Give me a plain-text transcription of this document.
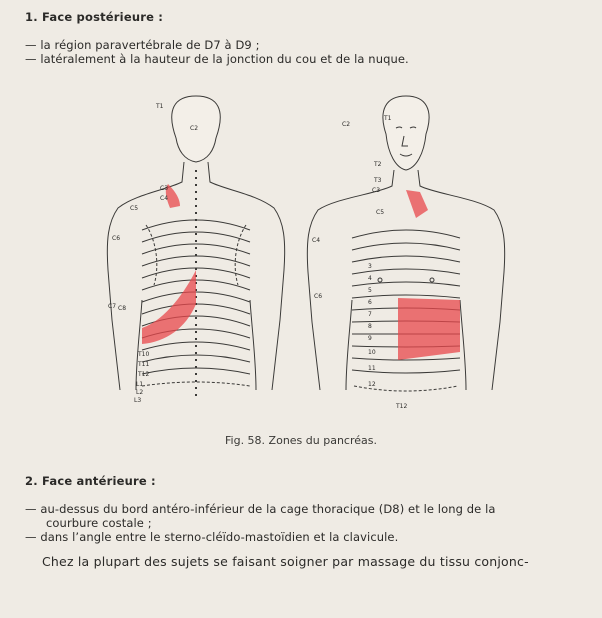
1. Face postérieure :
— la région paravertébrale de D7 à D9 ;
— latéralement à la hauteur de la jonction du cou et de la nuque.
T1
C2
C3
C4
C5
C6
C7 C8
T10
T11
T12
L1
L2
L3
C2
T1
T2
T3
C3
C5
C4
C6
3
4
5
6
7
8
9
10
11
12
T12
Fig. 58. Zones du pancréas.
2. Face antérieure :
— au-dessus du bord antéro-inférieur de la cage thoracique (D8) et le long de la
courbure costale ;
— dans l’angle entre le sterno-cléïdo-mastoïdien et la clavicule.
Chez la plupart des sujets se faisant soigner par massage du tissu conjonc-
